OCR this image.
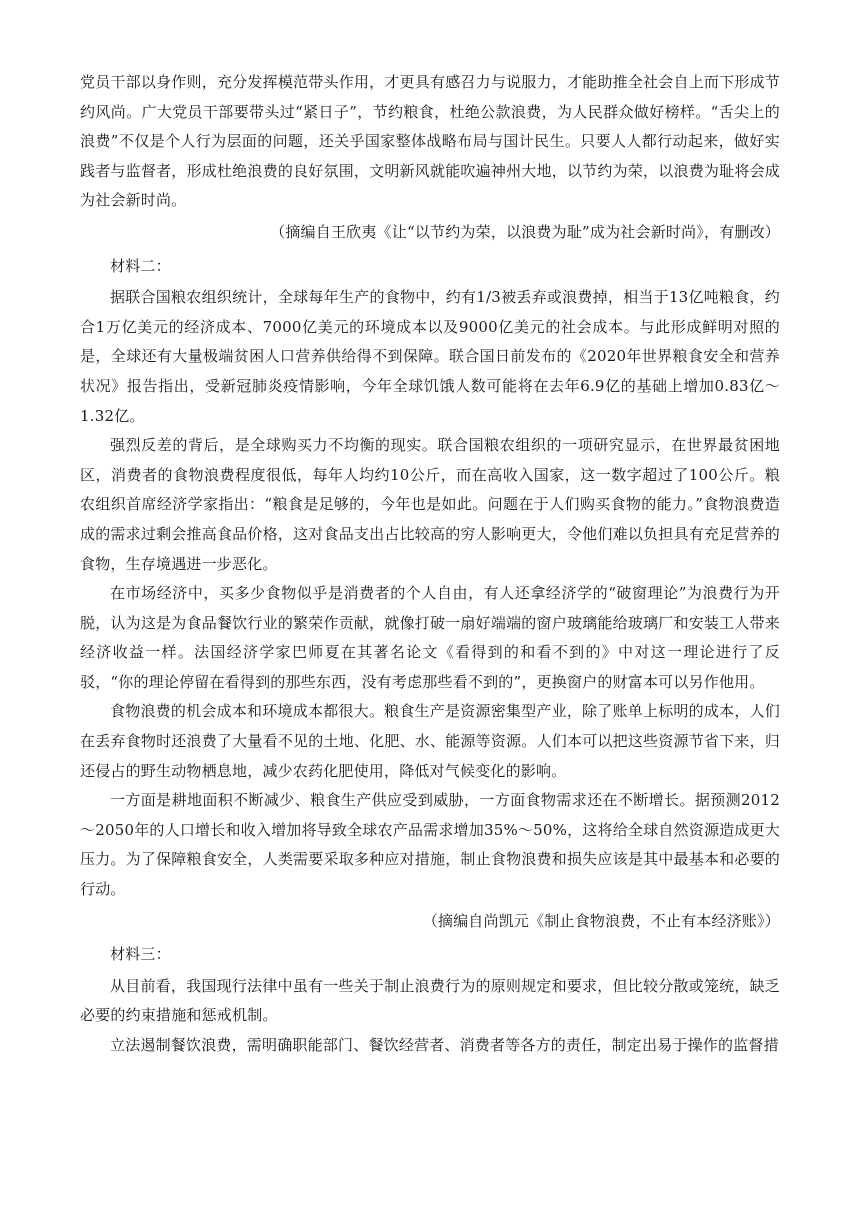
党员干部以身作则，充分发挥模范带头作用，才更具有感召力与说服力，才能助推全社会自上而下形成节约风尚。广大党员干部要带头过“紧日子”，节约粮食，杜绝公款浪费，为人民群众做好榜样。“舌尖上的浪费”不仅是个人行为层面的问题，还关乎国家整体战略布局与国计民生。只要人人都行动起来，做好实践者与监督者，形成杜绝浪费的良好氛围，文明新风就能吹遍神州大地，以节约为荣，以浪费为耻将会成为社会新时尚。

（摘编自王欣夷《让“以节约为荣，以浪费为耻”成为社会新时尚》，有删改）

材料二：

据联合国粮农组织统计，全球每年生产的食物中，约有1/3被丢弃或浪费掉，相当于13亿吨粮食，约合1万亿美元的经济成本、7000亿美元的环境成本以及9000亿美元的社会成本。与此形成鲜明对照的是，全球还有大量极端贫困人口营养供给得不到保障。联合国日前发布的《2020年世界粮食安全和营养状况》报告指出，受新冠肺炎疫情影响，今年全球饥饿人数可能将在去年6.9亿的基础上增加0.83亿～1.32亿。

强烈反差的背后，是全球购买力不均衡的现实。联合国粮农组织的一项研究显示，在世界最贫困地区，消费者的食物浪费程度很低，每年人均约10公斤，而在高收入国家，这一数字超过了100公斤。粮农组织首席经济学家指出：“粮食是足够的，今年也是如此。问题在于人们购买食物的能力。”食物浪费造成的需求过剩会推高食品价格，这对食品支出占比较高的穷人影响更大，令他们难以负担具有充足营养的食物，生存境遇进一步恶化。

在市场经济中，买多少食物似乎是消费者的个人自由，有人还拿经济学的“破窗理论”为浪费行为开脱，认为这是为食品餐饮行业的繁荣作贡献，就像打破一扇好端端的窗户玻璃能给玻璃厂和安装工人带来经济收益一样。法国经济学家巴师夏在其著名论文《看得到的和看不到的》中对这一理论进行了反驳，“你的理论停留在看得到的那些东西，没有考虑那些看不到的”，更换窗户的财富本可以另作他用。

食物浪费的机会成本和环境成本都很大。粮食生产是资源密集型产业，除了账单上标明的成本，人们在丢弃食物时还浪费了大量看不见的土地、化肥、水、能源等资源。人们本可以把这些资源节省下来，归还侵占的野生动物栖息地，减少农药化肥使用，降低对气候变化的影响。

一方面是耕地面积不断减少、粮食生产供应受到威胁，一方面食物需求还在不断增长。据预测2012～2050年的人口增长和收入增加将导致全球农产品需求增加35%～50%，这将给全球自然资源造成更大压力。为了保障粮食安全，人类需要采取多种应对措施，制止食物浪费和损失应该是其中最基本和必要的行动。

（摘编自尚凯元《制止食物浪费，不止有本经济账》）

材料三：

从目前看，我国现行法律中虽有一些关于制止浪费行为的原则规定和要求，但比较分散或笼统，缺乏必要的约束措施和惩戒机制。

立法遏制餐饮浪费，需明确职能部门、餐饮经营者、消费者等各方的责任，制定出易于操作的监督措
